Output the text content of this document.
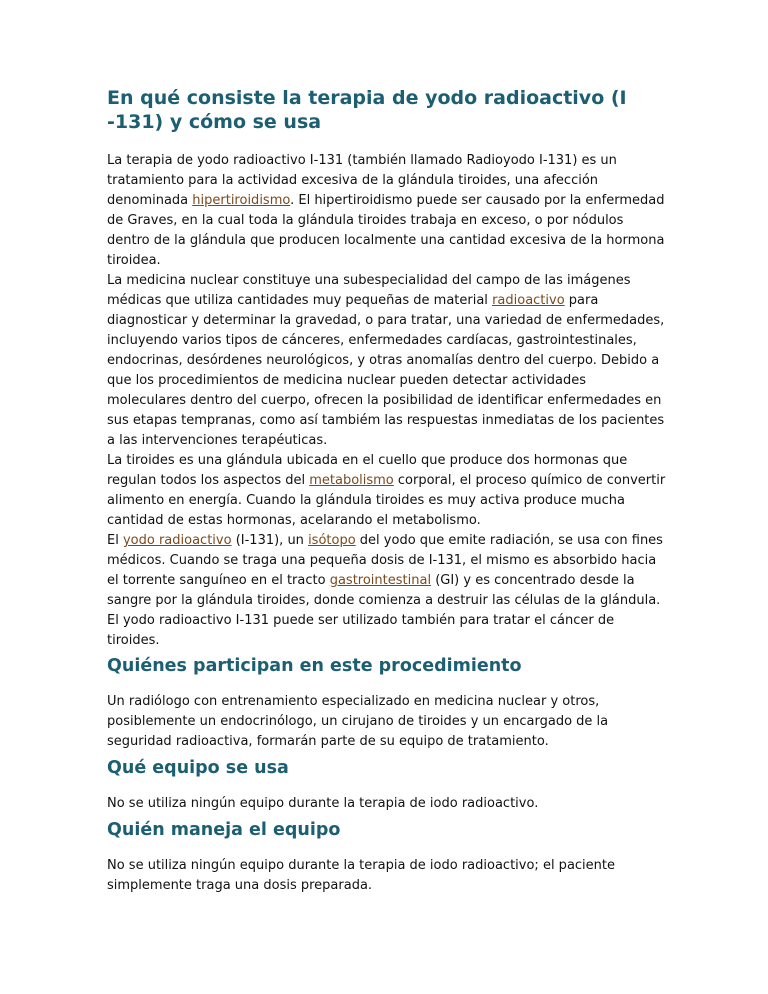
En qué consiste la terapia de yodo radioactivo (I -131) y cómo se usa

La terapia de yodo radioactivo I-131 (también llamado Radioyodo I-131) es un tratamiento para la actividad excesiva de la glándula tiroides, una afección denominada hipertiroidismo. El hipertiroidismo puede ser causado por la enfermedad de Graves, en la cual toda la glándula tiroides trabaja en exceso, o por nódulos dentro de la glándula que producen localmente una cantidad excesiva de la hormona tiroidea.

La medicina nuclear constituye una subespecialidad del campo de las imágenes médicas que utiliza cantidades muy pequeñas de material radioactivo para diagnosticar y determinar la gravedad, o para tratar, una variedad de enfermedades, incluyendo varios tipos de cánceres, enfermedades cardíacas, gastrointestinales, endocrinas, desórdenes neurológicos, y otras anomalías dentro del cuerpo. Debido a que los procedimientos de medicina nuclear pueden detectar actividades moleculares dentro del cuerpo, ofrecen la posibilidad de identificar enfermedades en sus etapas tempranas, como así tambiém las respuestas inmediatas de los pacientes a las intervenciones terapéuticas.

La tiroides es una glándula ubicada en el cuello que produce dos hormonas que regulan todos los aspectos del metabolismo corporal, el proceso químico de convertir alimento en energía. Cuando la glándula tiroides es muy activa produce mucha cantidad de estas hormonas, acelarando el metabolismo.

El yodo radioactivo (I-131), un isótopo del yodo que emite radiación, se usa con fines médicos. Cuando se traga una pequeña dosis de I-131, el mismo es absorbido hacia el torrente sanguíneo en el tracto gastrointestinal (GI) y es concentrado desde la sangre por la glándula tiroides, donde comienza a destruir las células de la glándula. El yodo radioactivo I-131 puede ser utilizado también para tratar el cáncer de tiroides.

Quiénes participan en este procedimiento

Un radiólogo con entrenamiento especializado en medicina nuclear y otros, posiblemente un endocrinólogo, un cirujano de tiroides y un encargado de la seguridad radioactiva, formarán parte de su equipo de tratamiento.

Qué equipo se usa

No se utiliza ningún equipo durante la terapia de iodo radioactivo.

Quién maneja el equipo

No se utiliza ningún equipo durante la terapia de iodo radioactivo; el paciente simplemente traga una dosis preparada.
